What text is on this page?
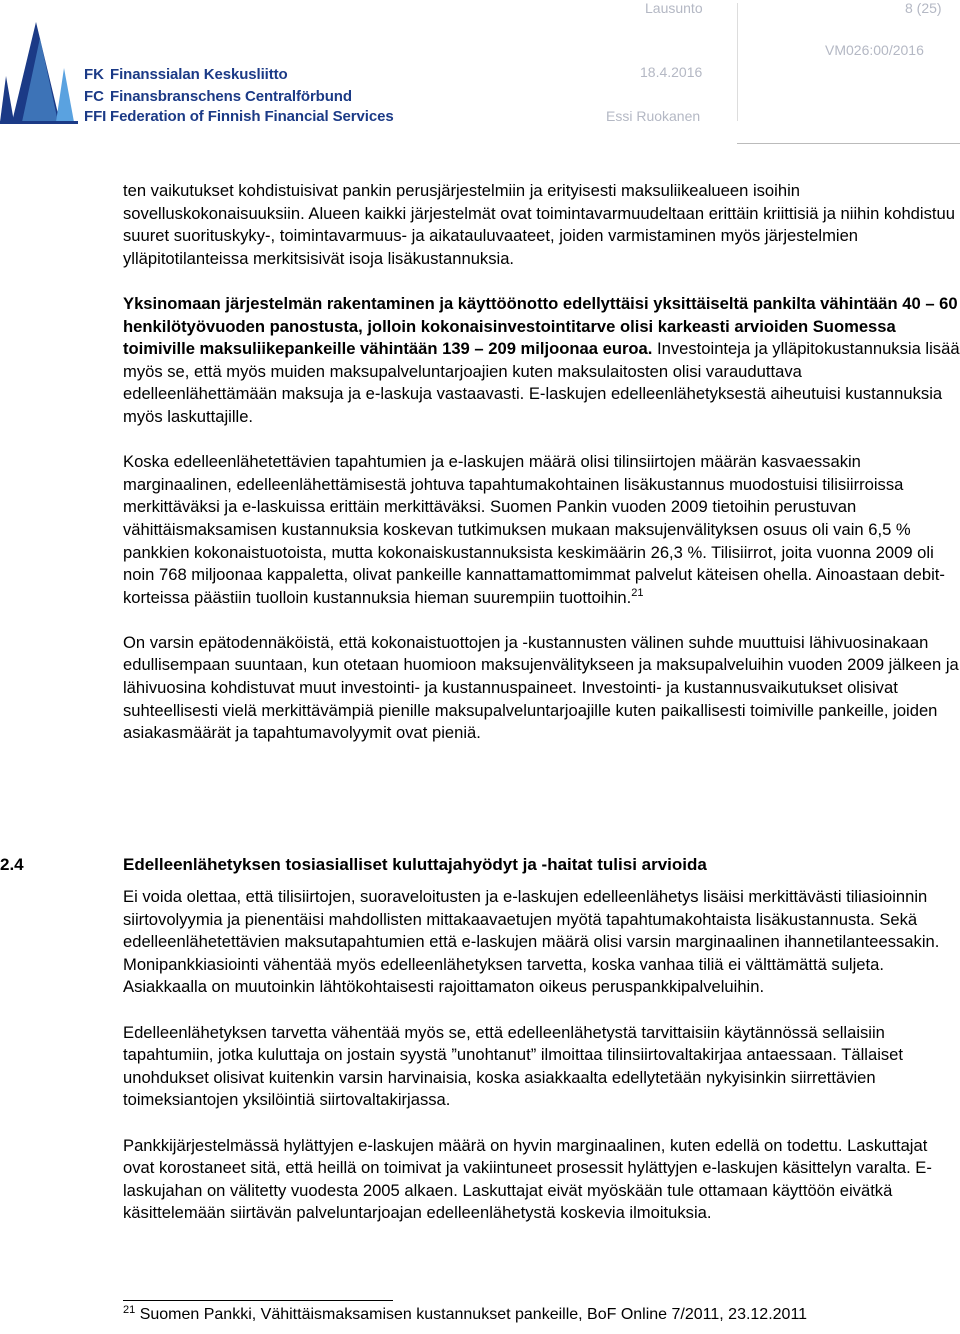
FK Finanssialan Keskusliitto
FC Finansbranschens Centralförbund
FFI Federation of Finnish Financial Services
Lausunto	8 (25)
18.4.2016
VM026:00/2016
Essi Ruokanen

ten vaikutukset kohdistuisivat pankin perusjärjestelmiin ja erityisesti maksuliikealueen isoihin sovelluskokonaisuuksiin. Alueen kaikki järjestelmät ovat toimintavarmuudeltaan erittäin kriittisiä ja niihin kohdistuu suuret suorituskyky-, toimintavarmuus- ja aikatauluvaateet, joiden varmistaminen myös järjestelmien ylläpitotilanteissa merkitsisivät isoja lisäkustannuksia.

Yksinomaan järjestelmän rakentaminen ja käyttöönotto edellyttäisi yksittäiseltä pankilta vähintään 40 – 60 henkilötyövuoden panostusta, jolloin kokonaisinvestointitarve olisi karkeasti arvioiden Suomessa toimiville maksuliikepankeille vähintään 139 – 209 miljoonaa euroa. Investointeja ja ylläpitokustannuksia lisää myös se, että myös muiden maksupalveluntarjoajien kuten maksulaitosten olisi varauduttava edelleenlähettämään maksuja ja e-laskuja vastaavasti. E-laskujen edelleenlähetyksestä aiheutuisi kustannuksia myös laskuttajille.

Koska edelleenlähetettävien tapahtumien ja e-laskujen määrä olisi tilinsiirtojen määrän kasvaessakin marginaalinen, edelleenlähettämisestä johtuva tapahtumakohtainen lisäkustannus muodostuisi tilisiirroissa merkittäväksi ja e-laskuissa erittäin merkittäväksi. Suomen Pankin vuoden 2009 tietoihin perustuvan vähittäismaksamisen kustannuksia koskevan tutkimuksen mukaan maksujenvälityksen osuus oli vain 6,5 % pankkien kokonaistuotoista, mutta kokonaiskustannuksista keskimäärin 26,3 %. Tilisiirrot, joita vuonna 2009 oli noin 768 miljoonaa kappaletta, olivat pankeille kannattamattomimmat palvelut käteisen ohella. Ainoastaan debit-korteissa päästiin tuolloin kustannuksia hieman suurempiin tuottoihin.$^{21}$

On varsin epätodennäköistä, että kokonaistuottojen ja -kustannusten välinen suhde muuttuisi lähivuosinakaan edullisempaan suuntaan, kun otetaan huomioon maksujenvälitykseen ja maksupalveluihin vuoden 2009 jälkeen ja lähivuosina kohdistuvat muut investointi- ja kustannuspaineet. Investointi- ja kustannusvaikutukset olisivat suhteellisesti vielä merkittävämpiä pienille maksupalveluntarjoajille kuten paikallisesti toimiville pankeille, joiden asiakasmäärät ja tapahtumavolyymit ovat pieniä.

2.4	Edelleenlähetyksen tosiasialliset kuluttajahyödyt ja -haitat tulisi arvioida

Ei voida olettaa, että tilisiirtojen, suoraveloitusten ja e-laskujen edelleenlähetys lisäisi merkittävästi tiliasioinnin siirtovolyymia ja pienentäisi mahdollisten mittakaavaetujen myötä tapahtumakohtaista lisäkustannusta. Sekä edelleenlähetettävien maksutapahtumien että e-laskujen määrä olisi varsin marginaalinen ihannetilanteessakin. Monipankkiasiointi vähentää myös edelleenlähetyksen tarvetta, koska vanhaa tiliä ei välttämättä suljeta. Asiakkaalla on muutoinkin lähtökohtaisesti rajoittamaton oikeus peruspankkipalveluihin.

Edelleenlähetyksen tarvetta vähentää myös se, että edelleenlähetystä tarvittaisiin käytännössä sellaisiin tapahtumiin, jotka kuluttaja on jostain syystä ”unohtanut” ilmoittaa tilinsiirtovaltakirjaa antaessaan. Tällaiset unohdukset olisivat kuitenkin varsin harvinaisia, koska asiakkaalta edellytetään nykyisinkin siirrettävien toimeksiantojen yksilöintiä siirtovaltakirjassa.

Pankkijärjestelmässä hylättyjen e-laskujen määrä on hyvin marginaalinen, kuten edellä on todettu. Laskuttajat ovat korostaneet sitä, että heillä on toimivat ja vakiintuneet prosessit hylättyjen e-laskujen käsittelyn varalta. E-laskujahan on välitetty vuodesta 2005 alkaen. Laskuttajat eivät myöskään tule ottamaan käyttöön eivätkä käsittelemään siirtävän palveluntarjoajan edelleenlähetystä koskevia ilmoituksia.

$^{21}$ Suomen Pankki, Vähittäismaksamisen kustannukset pankeille, BoF Online 7/2011, 23.12.2011
